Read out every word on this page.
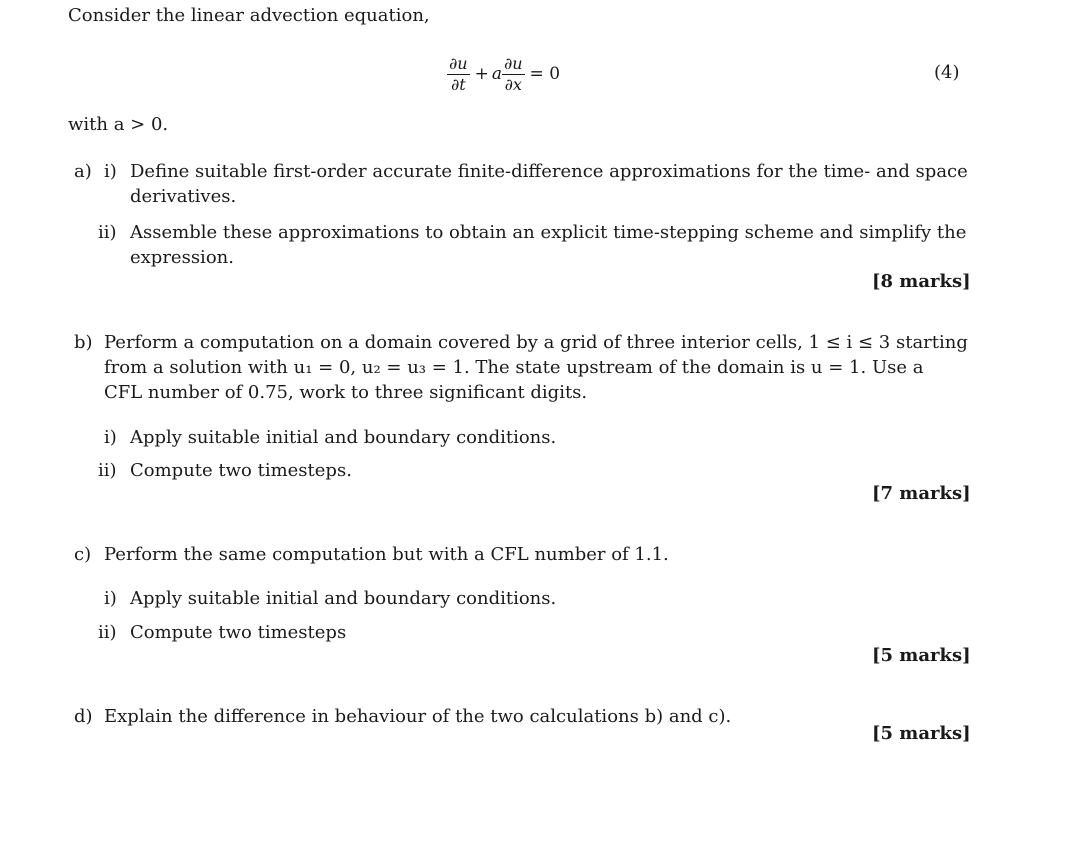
Consider the linear advection equation,
$\frac{\partial u}{\partial t} + a \frac{\partial u}{\partial x} = 0$	(4)
with a > 0.
a) i) Define suitable first-order accurate finite-difference approximations for the time- and space
derivatives.
ii) Assemble these approximations to obtain an explicit time-stepping scheme and simplify the
expression.
[8 marks]
b) Perform a computation on a domain covered by a grid of three interior cells, 1 ≤ i ≤ 3 starting
from a solution with u₁ = 0, u₂ = u₃ = 1. The state upstream of the domain is u = 1. Use a
CFL number of 0.75, work to three significant digits.
i) Apply suitable initial and boundary conditions.
ii) Compute two timesteps.
[7 marks]
c) Perform the same computation but with a CFL number of 1.1.
i) Apply suitable initial and boundary conditions.
ii) Compute two timesteps
[5 marks]
d) Explain the difference in behaviour of the two calculations b) and c).
[5 marks]
